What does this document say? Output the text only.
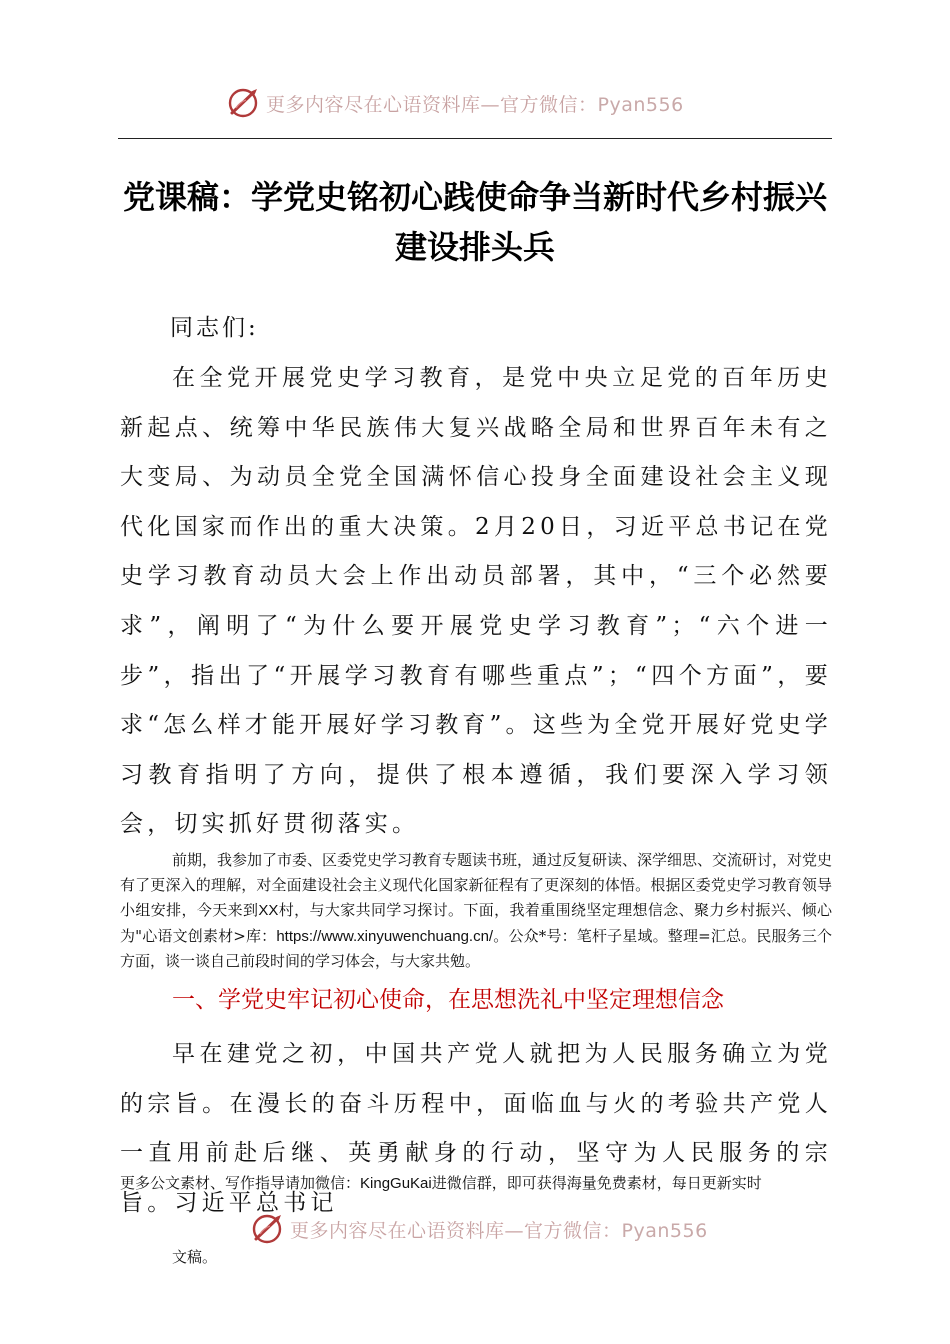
更多内容尽在心语资料库—官方微信：Pyan556
党课稿：学党史铭初心践使命争当新时代乡村振兴建设排头兵

同志们:

在全党开展党史学习教育，是党中央立足党的百年历史新起点、统筹中华民族伟大复兴战略全局和世界百年未有之大变局、为动员全党全国满怀信心投身全面建设社会主义现代化国家而作出的重大决策。2月20日，习近平总书记在党史学习教育动员大会上作出动员部署，其中，“三个必然要求”，阐明了“为什么要开展党史学习教育”；“六个进一步”，指出了“开展学习教育有哪些重点”；“四个方面”，要求“怎么样才能开展好学习教育”。这些为全党开展好党史学习教育指明了方向，提供了根本遵循，我们要深入学习领会，切实抓好贯彻落实。

前期，我参加了市委、区委党史学习教育专题读书班，通过反复研读、深学细思、交流研讨，对党史有了更深入的理解，对全面建设社会主义现代化国家新征程有了更深刻的体悟。根据区委党史学习教育领导小组安排，今天来到XX村，与大家共同学习探讨。下面，我着重围绕坚定理想信念、聚力乡村振兴、倾心为"心语文创素材>库：https://www.xinyuwenchuang.cn/。公众*号：笔杆子星域。整理=汇总。民服务三个方面，谈一谈自己前段时间的学习体会，与大家共勉。

一、学党史牢记初心使命，在思想洗礼中坚定理想信念

早在建党之初，中国共产党人就把为人民服务确立为党的宗旨。在漫长的奋斗历程中，面临血与火的考验共产党人一直用前赴后继、英勇献身的行动，坚守为人民服务的宗旨。习近平总书记

更多公文素材、写作指导请加微信：KingGuKai进微信群，即可获得海量免费素材，每日更新实时

更多内容尽在心语资料库—官方微信：Pyan556

文稿。
